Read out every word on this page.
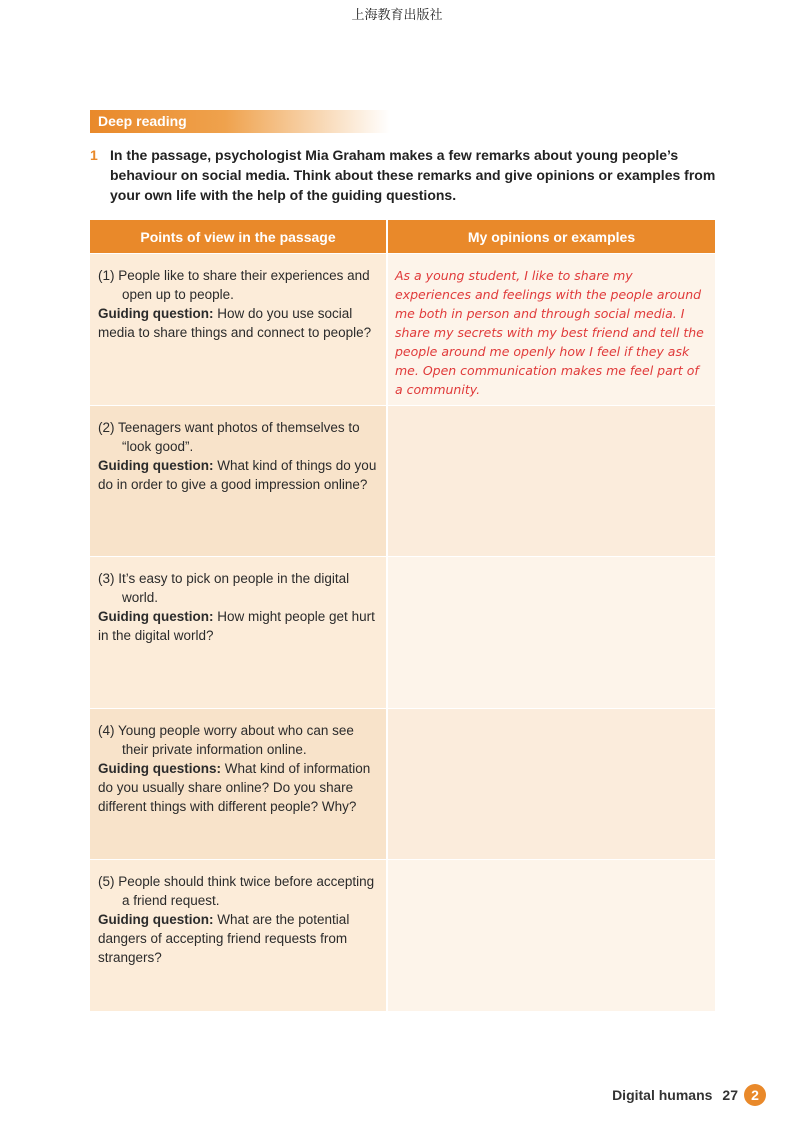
上海教育出版社
Deep reading
1 In the passage, psychologist Mia Graham makes a few remarks about young people’s behaviour on social media. Think about these remarks and give opinions or examples from your own life with the help of the guiding questions.
Points of view in the passage	My opinions or examples
(1) People like to share their experiences and open up to people.
Guiding question: How do you use social media to share things and connect to people?
As a young student, I like to share my experiences and feelings with the people around me both in person and through social media. I share my secrets with my best friend and tell the people around me openly how I feel if they ask me. Open communication makes me feel part of a community.
(2) Teenagers want photos of themselves to “look good”.
Guiding question: What kind of things do you do in order to give a good impression online?
(3) It’s easy to pick on people in the digital world.
Guiding question: How might people get hurt in the digital world?
(4) Young people worry about who can see their private information online.
Guiding questions: What kind of information do you usually share online? Do you share different things with different people? Why?
(5) People should think twice before accepting a friend request.
Guiding question: What are the potential dangers of accepting friend requests from strangers?
Digital humans 27 2
